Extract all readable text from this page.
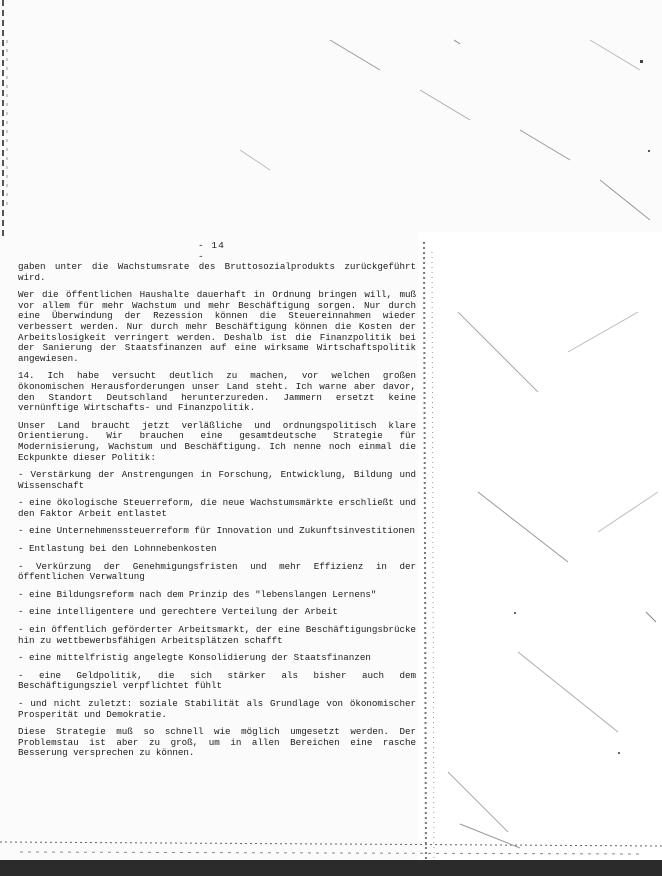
- 14 -

gaben unter die Wachstumsrate des Bruttosozialprodukts zurückgeführt wird.

Wer die öffentlichen Haushalte dauerhaft in Ordnung bringen will, muß vor allem für mehr Wachstum und mehr Beschäftigung sorgen. Nur durch eine Überwindung der Rezession können die Steuereinnahmen wieder verbessert werden. Nur durch mehr Beschäftigung können die Kosten der Arbeitslosigkeit verringert werden. Deshalb ist die Finanzpolitik bei der Sanierung der Staatsfinanzen auf eine wirksame Wirtschaftspolitik angewiesen.

14. Ich habe versucht deutlich zu machen, vor welchen großen ökonomischen Herausforderungen unser Land steht. Ich warne aber davor, den Standort Deutschland herunterzureden. Jammern ersetzt keine vernünftige Wirtschafts- und Finanzpolitik.

Unser Land braucht jetzt verläßliche und ordnungspolitisch klare Orientierung. Wir brauchen eine gesamtdeutsche Strategie für Modernisierung, Wachstum und Beschäftigung. Ich nenne noch einmal die Eckpunkte dieser Politik:

- Verstärkung der Anstrengungen in Forschung, Entwicklung, Bildung und Wissenschaft
- eine ökologische Steuerreform, die neue Wachstumsmärkte erschließt und den Faktor Arbeit entlastet
- eine Unternehmenssteuerreform für Innovation und Zukunftsinvestitionen
- Entlastung bei den Lohnnebenkosten
- Verkürzung der Genehmigungsfristen und mehr Effizienz in der öffentlichen Verwaltung
- eine Bildungsreform nach dem Prinzip des "lebenslangen Lernens"
- eine intelligentere und gerechtere Verteilung der Arbeit
- ein öffentlich geförderter Arbeitsmarkt, der eine Beschäftigungsbrücke hin zu wettbewerbsfähigen Arbeitsplätzen schafft
- eine mittelfristig angelegte Konsolidierung der Staatsfinanzen
- eine Geldpolitik, die sich stärker als bisher auch dem Beschäftigungsziel verpflichtet fühlt
- und nicht zuletzt: soziale Stabilität als Grundlage von ökonomischer Prosperität und Demokratie.

Diese Strategie muß so schnell wie möglich umgesetzt werden. Der Problemstau ist aber zu groß, um in allen Bereichen eine rasche Besserung versprechen zu können.
